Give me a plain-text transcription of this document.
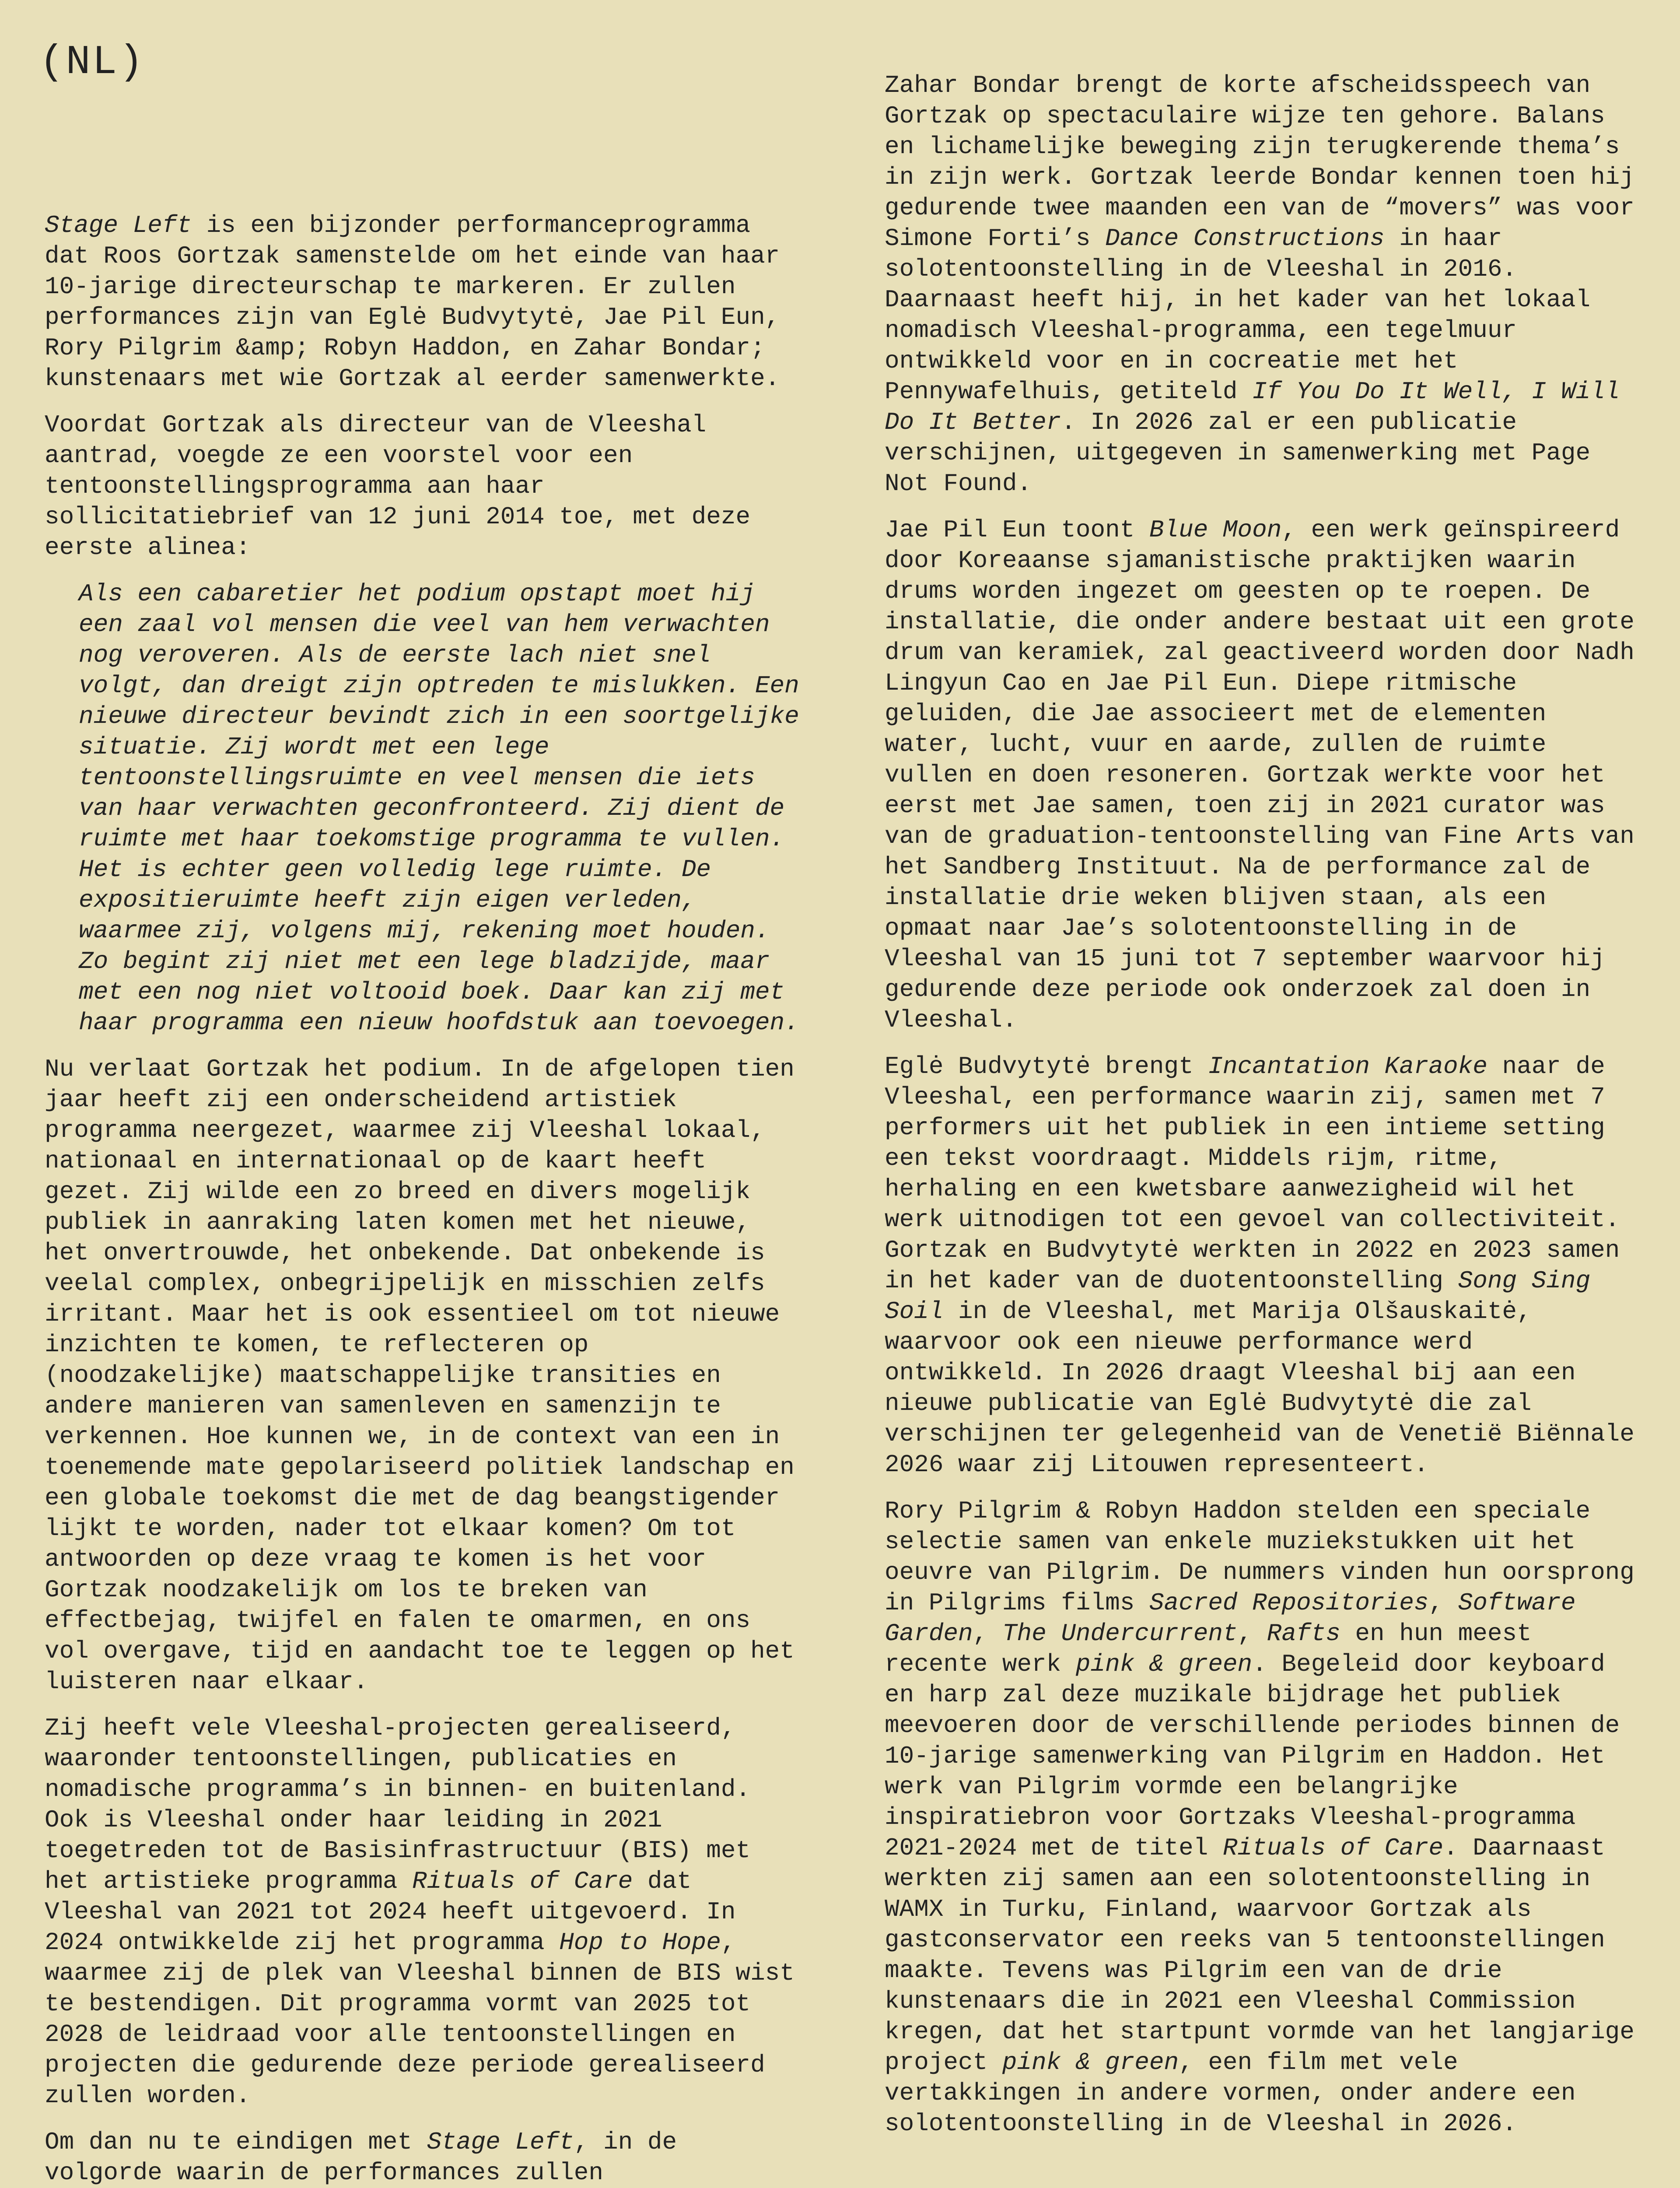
(NL)

Stage Left is een bijzonder performanceprogramma dat Roos Gortzak samenstelde om het einde van haar 10-jarige directeurschap te markeren. Er zullen performances zijn van Eglė Budvytytė, Jae Pil Eun, Rory Pilgrim &amp; Robyn Haddon, en Zahar Bondar; kunstenaars met wie Gortzak al eerder samenwerkte.

Voordat Gortzak als directeur van de Vleeshal aantrad, voegde ze een voorstel voor een tentoonstellingsprogramma aan haar sollicitatiebrief van 12 juni 2014 toe, met deze eerste alinea:

Als een cabaretier het podium opstapt moet hij een zaal vol mensen die veel van hem verwachten nog veroveren. Als de eerste lach niet snel volgt, dan dreigt zijn optreden te mislukken. Een nieuwe directeur bevindt zich in een soortgelijke situatie. Zij wordt met een lege tentoonstellingsruimte en veel mensen die iets van haar verwachten geconfronteerd. Zij dient de ruimte met haar toekomstige programma te vullen. Het is echter geen volledig lege ruimte. De expositieruimte heeft zijn eigen verleden, waarmee zij, volgens mij, rekening moet houden. Zo begint zij niet met een lege bladzijde, maar met een nog niet voltooid boek. Daar kan zij met haar programma een nieuw hoofdstuk aan toevoegen.

Nu verlaat Gortzak het podium. In de afgelopen tien jaar heeft zij een onderscheidend artistiek programma neergezet, waarmee zij Vleeshal lokaal, nationaal en internationaal op de kaart heeft gezet. Zij wilde een zo breed en divers mogelijk publiek in aanraking laten komen met het nieuwe, het onvertrouwde, het onbekende. Dat onbekende is veelal complex, onbegrijpelijk en misschien zelfs irritant. Maar het is ook essentieel om tot nieuwe inzichten te komen, te reflecteren op (noodzakelijke) maatschappelijke transities en andere manieren van samenleven en samenzijn te verkennen. Hoe kunnen we, in de context van een in toenemende mate gepolariseerd politiek landschap en een globale toekomst die met de dag beangstigender lijkt te worden, nader tot elkaar komen? Om tot antwoorden op deze vraag te komen is het voor Gortzak noodzakelijk om los te breken van effectbejag, twijfel en falen te omarmen, en ons vol overgave, tijd en aandacht toe te leggen op het luisteren naar elkaar.

Zij heeft vele Vleeshal-projecten gerealiseerd, waaronder tentoonstellingen, publicaties en nomadische programma’s in binnen- en buitenland. Ook is Vleeshal onder haar leiding in 2021 toegetreden tot de Basisinfrastructuur (BIS) met het artistieke programma Rituals of Care dat Vleeshal van 2021 tot 2024 heeft uitgevoerd. In 2024 ontwikkelde zij het programma Hop to Hope, waarmee zij de plek van Vleeshal binnen de BIS wist te bestendigen. Dit programma vormt van 2025 tot 2028 de leidraad voor alle tentoonstellingen en projecten die gedurende deze periode gerealiseerd zullen worden.

Om dan nu te eindigen met Stage Left, in de volgorde waarin de performances zullen

Zahar Bondar brengt de korte afscheidsspeech van Gortzak op spectaculaire wijze ten gehore. Balans en lichamelijke beweging zijn terugkerende thema’s in zijn werk. Gortzak leerde Bondar kennen toen hij gedurende twee maanden een van de “movers” was voor Simone Forti’s Dance Constructions in haar solotentoonstelling in de Vleeshal in 2016. Daarnaast heeft hij, in het kader van het lokaal nomadisch Vleeshal-programma, een tegelmuur ontwikkeld voor en in cocreatie met het Pennywafelhuis, getiteld If You Do It Well, I Will Do It Better. In 2026 zal er een publicatie verschijnen, uitgegeven in samenwerking met Page Not Found.

Jae Pil Eun toont Blue Moon, een werk geïnspireerd door Koreaanse sjamanistische praktijken waarin drums worden ingezet om geesten op te roepen. De installatie, die onder andere bestaat uit een grote drum van keramiek, zal geactiveerd worden door Nadh Lingyun Cao en Jae Pil Eun. Diepe ritmische geluiden, die Jae associeert met de elementen water, lucht, vuur en aarde, zullen de ruimte vullen en doen resoneren. Gortzak werkte voor het eerst met Jae samen, toen zij in 2021 curator was van de graduation-tentoonstelling van Fine Arts van het Sandberg Instituut. Na de performance zal de installatie drie weken blijven staan, als een opmaat naar Jae’s solotentoonstelling in de Vleeshal van 15 juni tot 7 september waarvoor hij gedurende deze periode ook onderzoek zal doen in Vleeshal.

Eglė Budvytytė brengt Incantation Karaoke naar de Vleeshal, een performance waarin zij, samen met 7 performers uit het publiek in een intieme setting een tekst voordraagt. Middels rijm, ritme, herhaling en een kwetsbare aanwezigheid wil het werk uitnodigen tot een gevoel van collectiviteit. Gortzak en Budvytytė werkten in 2022 en 2023 samen in het kader van de duotentoonstelling Song Sing Soil in de Vleeshal, met Marija Olšauskaitė, waarvoor ook een nieuwe performance werd ontwikkeld. In 2026 draagt Vleeshal bij aan een nieuwe publicatie van Eglė Budvytytė die zal verschijnen ter gelegenheid van de Venetië Biënnale 2026 waar zij Litouwen representeert.

Rory Pilgrim & Robyn Haddon stelden een speciale selectie samen van enkele muziekstukken uit het oeuvre van Pilgrim. De nummers vinden hun oorsprong in Pilgrims films Sacred Repositories, Software Garden, The Undercurrent, Rafts en hun meest recente werk pink & green. Begeleid door keyboard en harp zal deze muzikale bijdrage het publiek meevoeren door de verschillende periodes binnen de 10-jarige samenwerking van Pilgrim en Haddon. Het werk van Pilgrim vormde een belangrijke inspiratiebron voor Gortzaks Vleeshal-programma 2021-2024 met de titel Rituals of Care. Daarnaast werkten zij samen aan een solotentoonstelling in WAMX in Turku, Finland, waarvoor Gortzak als gastconservator een reeks van 5 tentoonstellingen maakte. Tevens was Pilgrim een van de drie kunstenaars die in 2021 een Vleeshal Commission kregen, dat het startpunt vormde van het langjarige project pink & green, een film met vele vertakkingen in andere vormen, onder andere een solotentoonstelling in de Vleeshal in 2026.
